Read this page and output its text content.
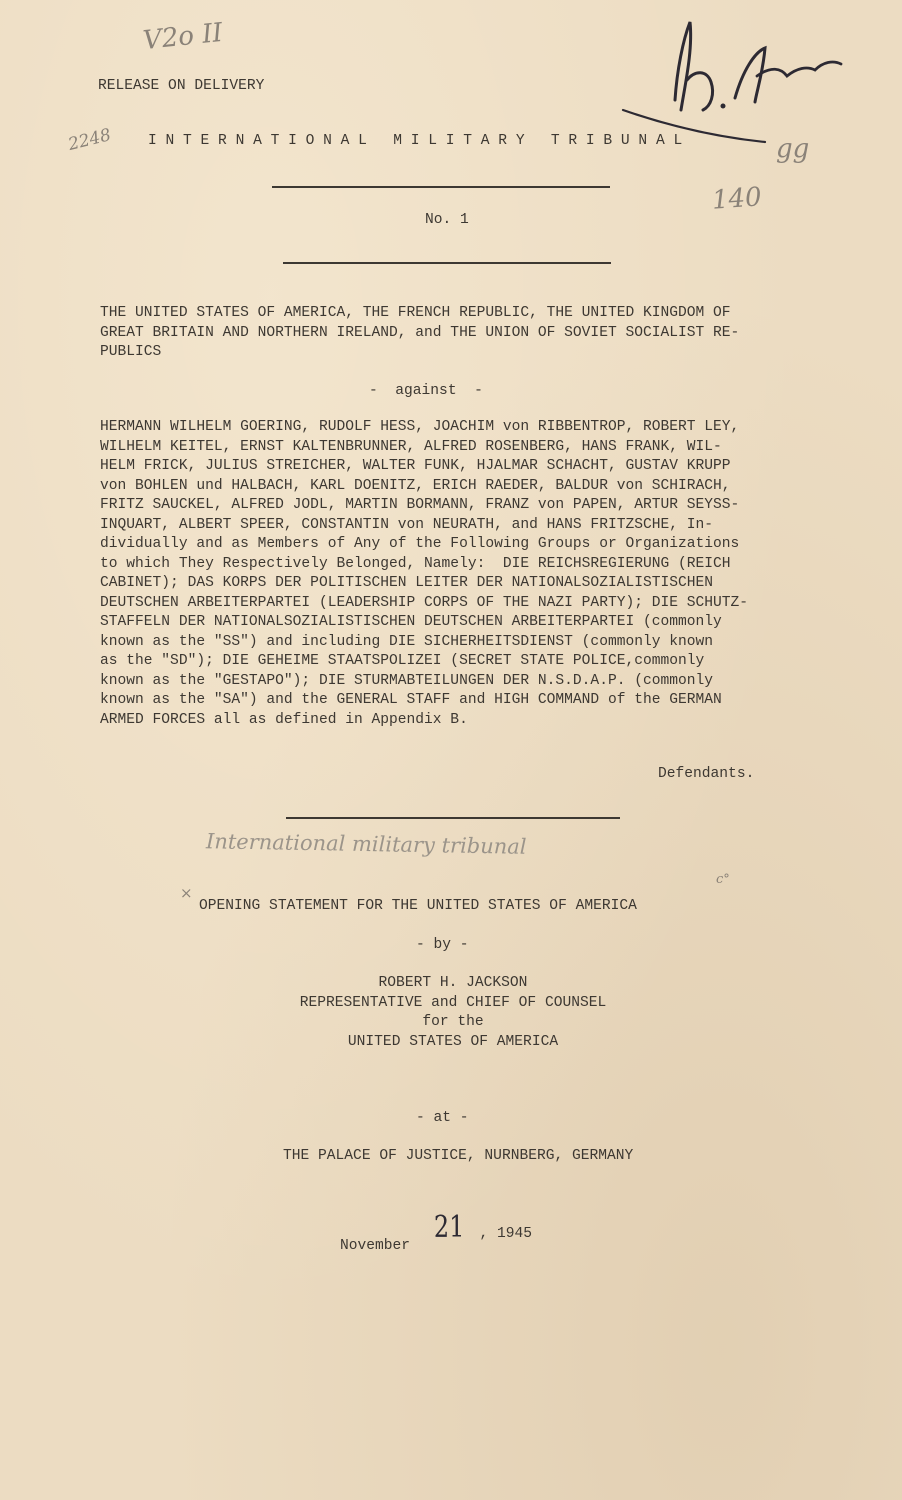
V2o II
2248	gg
140
RELEASE ON DELIVERY
I N T E R N A T I O N A L   M I L I T A R Y   T R I B U N A L
No. 1
THE UNITED STATES OF AMERICA, THE FRENCH REPUBLIC, THE UNITED KINGDOM OF
GREAT BRITAIN AND NORTHERN IRELAND, and THE UNION OF SOVIET SOCIALIST RE-
PUBLICS
-  against  -
HERMANN WILHELM GOERING, RUDOLF HESS, JOACHIM von RIBBENTROP, ROBERT LEY,
WILHELM KEITEL, ERNST KALTENBRUNNER, ALFRED ROSENBERG, HANS FRANK, WIL-
HELM FRICK, JULIUS STREICHER, WALTER FUNK, HJALMAR SCHACHT, GUSTAV KRUPP
von BOHLEN und HALBACH, KARL DOENITZ, ERICH RAEDER, BALDUR von SCHIRACH,
FRITZ SAUCKEL, ALFRED JODL, MARTIN BORMANN, FRANZ von PAPEN, ARTUR SEYSS-
INQUART, ALBERT SPEER, CONSTANTIN von NEURATH, and HANS FRITZSCHE, In-
dividually and as Members of Any of the Following Groups or Organizations
to which They Respectively Belonged, Namely:  DIE REICHSREGIERUNG (REICH
CABINET); DAS KORPS DER POLITISCHEN LEITER DER NATIONALSOZIALISTISCHEN
DEUTSCHEN ARBEITERPARTEI (LEADERSHIP CORPS OF THE NAZI PARTY); DIE SCHUTZ-
STAFFELN DER NATIONALSOZIALISTISCHEN DEUTSCHEN ARBEITERPARTEI (commonly
known as the "SS") and including DIE SICHERHEITSDIENST (commonly known
as the "SD"); DIE GEHEIME STAATSPOLIZEI (SECRET STATE POLICE,commonly
known as the "GESTAPO"); DIE STURMABTEILUNGEN DER N.S.D.A.P. (commonly
known as the "SA") and the GENERAL STAFF and HIGH COMMAND of the GERMAN
ARMED FORCES all as defined in Appendix B.
Defendants.
International military tribunal
×
c°
OPENING STATEMENT FOR THE UNITED STATES OF AMERICA
- by -
ROBERT H. JACKSON
REPRESENTATIVE and CHIEF OF COUNSEL
for the
UNITED STATES OF AMERICA
- at -
THE PALACE OF JUSTICE, NURNBERG, GERMANY
November 21 , 1945
